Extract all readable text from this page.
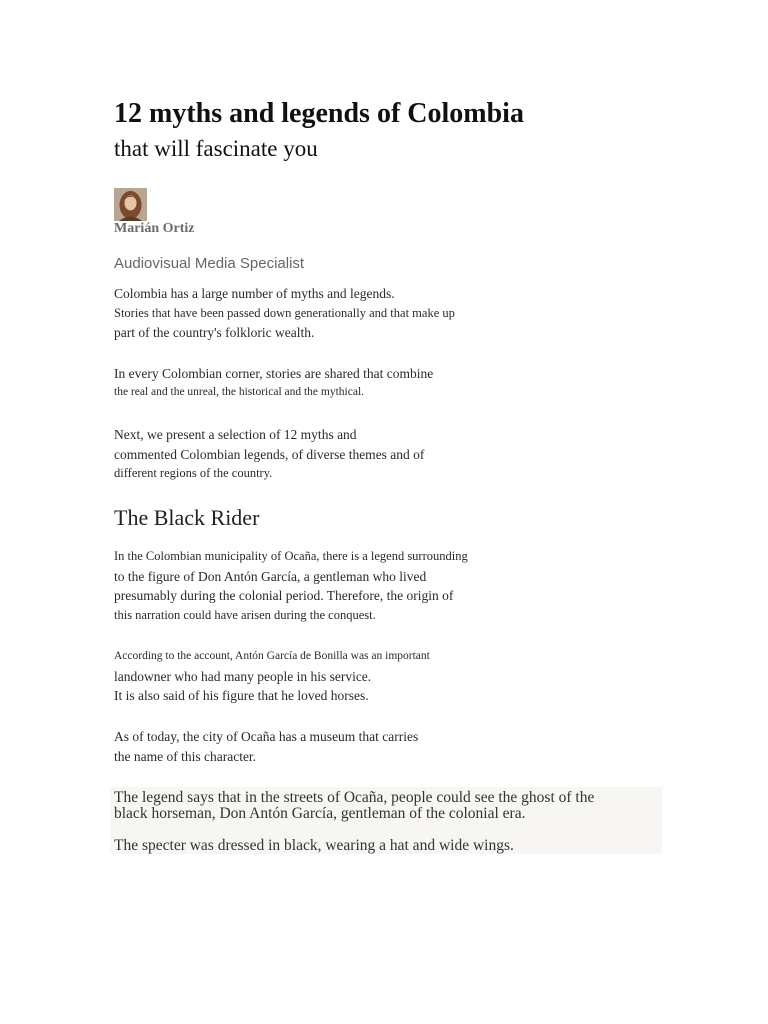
12 myths and legends of Colombia
that will fascinate you
Marián Ortiz
Audiovisual Media Specialist
Colombia has a large number of myths and legends.
Stories that have been passed down generationally and that make up
part of the country's folkloric wealth.
In every Colombian corner, stories are shared that combine
the real and the unreal, the historical and the mythical.
Next, we present a selection of 12 myths and
commented Colombian legends, of diverse themes and of
different regions of the country.
The Black Rider
In the Colombian municipality of Ocaña, there is a legend surrounding
to the figure of Don Antón García, a gentleman who lived
presumably during the colonial period. Therefore, the origin of
this narration could have arisen during the conquest.
According to the account, Antón García de Bonilla was an important
landowner who had many people in his service.
It is also said of his figure that he loved horses.
As of today, the city of Ocaña has a museum that carries
the name of this character.
The legend says that in the streets of Ocaña, people could see the ghost of the
black horseman, Don Antón García, gentleman of the colonial era.
The specter was dressed in black, wearing a hat and wide wings.
